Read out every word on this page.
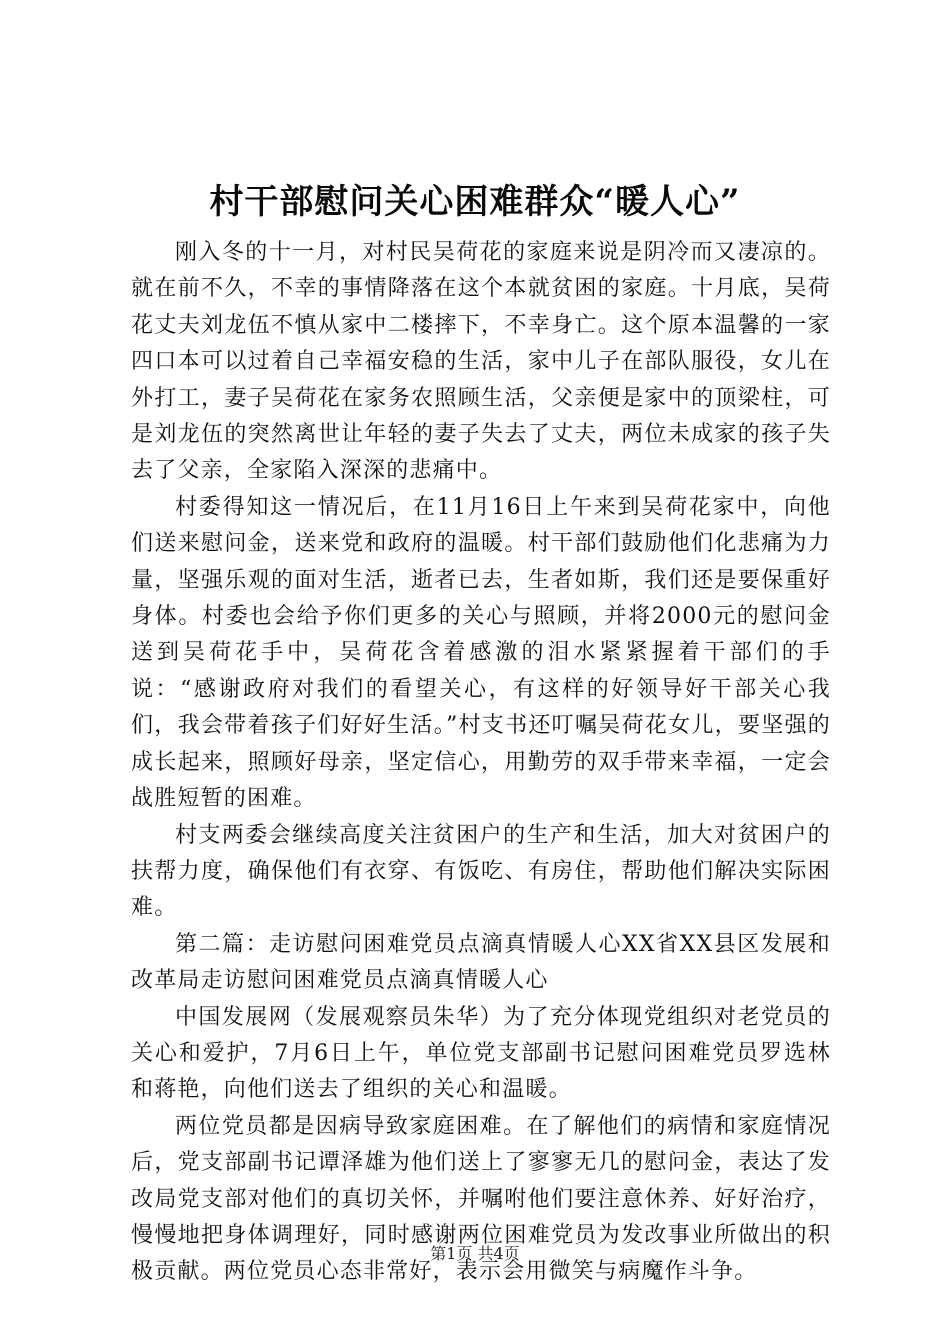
村干部慰问关心困难群众“暖人心”

刚入冬的十一月，对村民吴荷花的家庭来说是阴冷而又凄凉的。就在前不久，不幸的事情降落在这个本就贫困的家庭。十月底，吴荷花丈夫刘龙伍不慎从家中二楼摔下，不幸身亡。这个原本温馨的一家四口本可以过着自己幸福安稳的生活，家中儿子在部队服役，女儿在外打工，妻子吴荷花在家务农照顾生活，父亲便是家中的顶梁柱，可是刘龙伍的突然离世让年轻的妻子失去了丈夫，两位未成家的孩子失去了父亲，全家陷入深深的悲痛中。

村委得知这一情况后，在11月16日上午来到吴荷花家中，向他们送来慰问金，送来党和政府的温暖。村干部们鼓励他们化悲痛为力量，坚强乐观的面对生活，逝者已去，生者如斯，我们还是要保重好身体。村委也会给予你们更多的关心与照顾，并将2000元的慰问金送到吴荷花手中，吴荷花含着感激的泪水紧紧握着干部们的手说：“感谢政府对我们的看望关心，有这样的好领导好干部关心我们，我会带着孩子们好好生活。”村支书还叮嘱吴荷花女儿，要坚强的成长起来，照顾好母亲，坚定信心，用勤劳的双手带来幸福，一定会战胜短暂的困难。

村支两委会继续高度关注贫困户的生产和生活，加大对贫困户的扶帮力度，确保他们有衣穿、有饭吃、有房住，帮助他们解决实际困难。

第二篇：走访慰问困难党员点滴真情暖人心XX省XX县区发展和改革局走访慰问困难党员点滴真情暖人心

中国发展网（发展观察员朱华）为了充分体现党组织对老党员的关心和爱护，7月6日上午，单位党支部副书记慰问困难党员罗选林和蒋艳，向他们送去了组织的关心和温暖。

两位党员都是因病导致家庭困难。在了解他们的病情和家庭情况后，党支部副书记谭泽雄为他们送上了寥寥无几的慰问金，表达了发改局党支部对他们的真切关怀，并嘱咐他们要注意休养、好好治疗，慢慢地把身体调理好，同时感谢两位困难党员为发改事业所做出的积极贡献。两位党员心态非常好，表示会用微笑与病魔作斗争。

第1页 共4页
